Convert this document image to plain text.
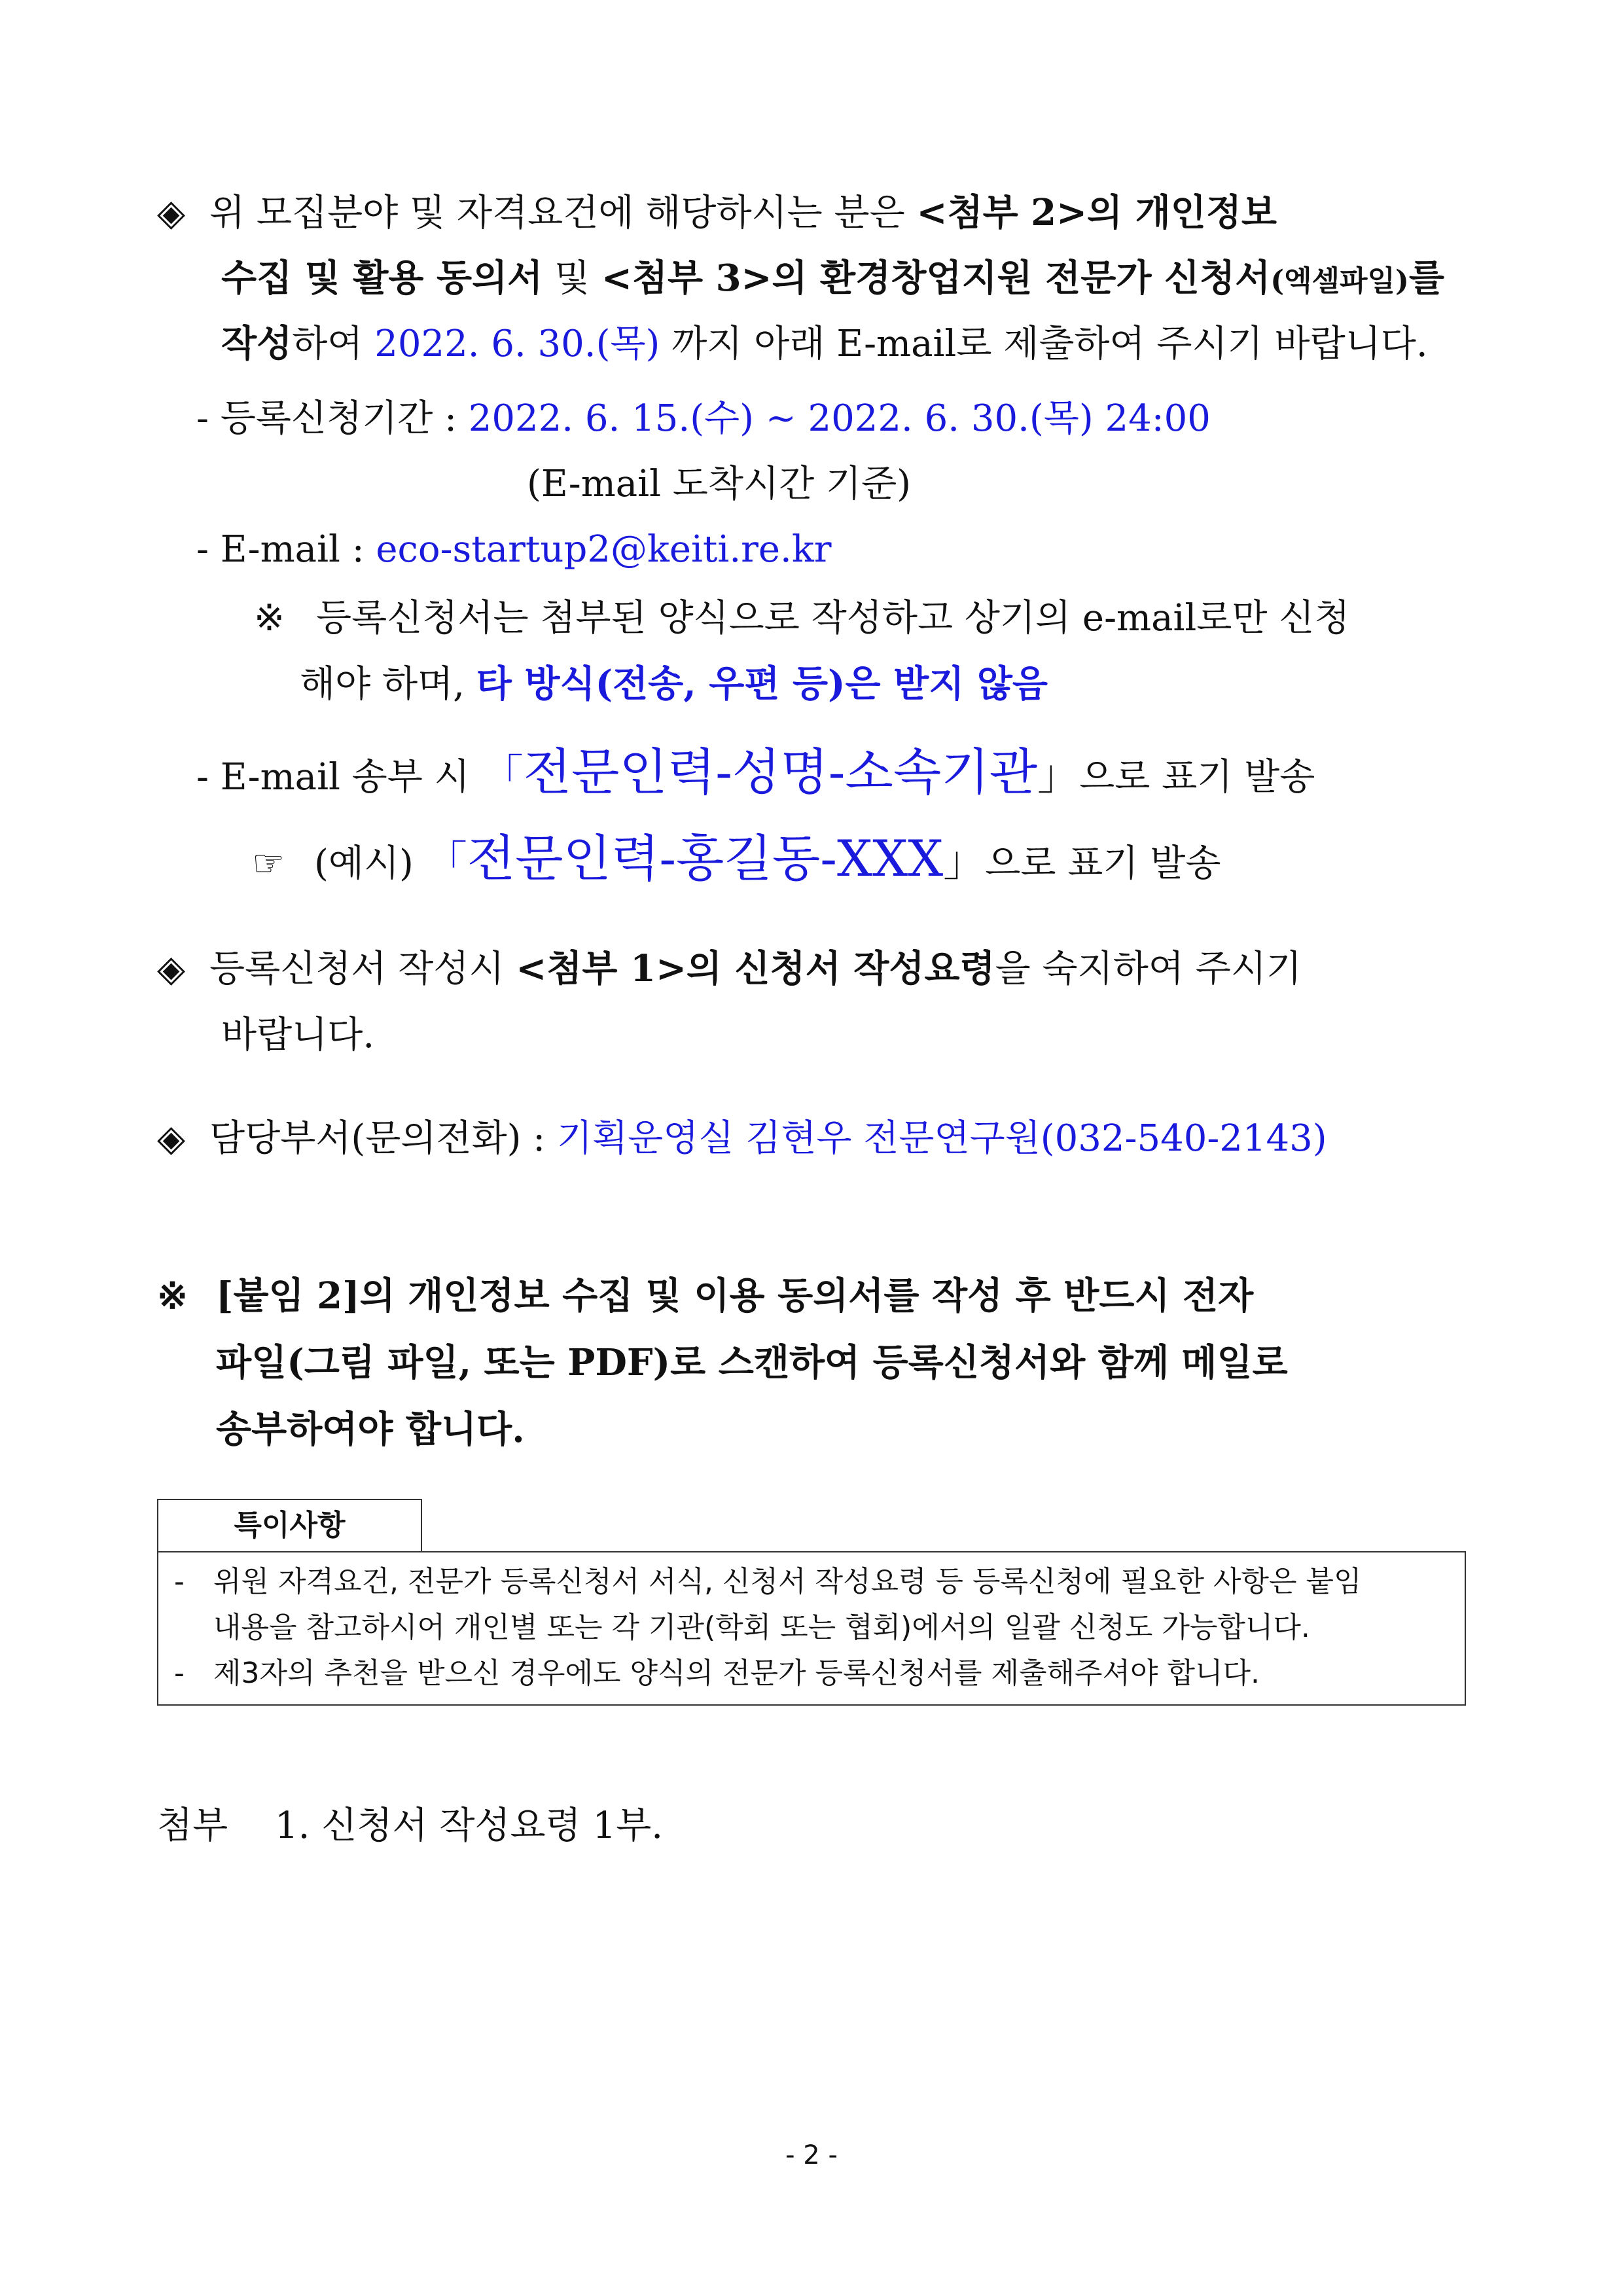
◈ 위 모집분야 및 자격요건에 해당하시는 분은 <첨부 2>의 개인정보
수집 및 활용 동의서 및 <첨부 3>의 환경창업지원 전문가 신청서(엑셀파일)를
작성하여 2022. 6. 30.(목) 까지 아래 E-mail로 제출하여 주시기 바랍니다.
- 등록신청기간 : 2022. 6. 15.(수) ~ 2022. 6. 30.(목) 24:00
(E-mail 도착시간 기준)
- E-mail : eco-startup2@keiti.re.kr
※ 등록신청서는 첨부된 양식으로 작성하고 상기의 e-mail로만 신청
해야 하며, 타 방식(전송, 우편 등)은 받지 않음
- E-mail 송부 시 「전문인력-성명-소속기관」으로 표기 발송
☞ (예시) 「전문인력-홍길동-XXX」으로 표기 발송
◈ 등록신청서 작성시 <첨부 1>의 신청서 작성요령을 숙지하여 주시기
바랍니다.
◈ 담당부서(문의전화) : 기획운영실 김현우 전문연구원(032-540-2143)
※ [붙임 2]의 개인정보 수집 및 이용 동의서를 작성 후 반드시 전자
파일(그림 파일, 또는 PDF)로 스캔하여 등록신청서와 함께 메일로
송부하여야 합니다.
특이사항
- 위원 자격요건, 전문가 등록신청서 서식, 신청서 작성요령 등 등록신청에 필요한 사항은 붙임
내용을 참고하시어 개인별 또는 각 기관(학회 또는 협회)에서의 일괄 신청도 가능합니다.
- 제3자의 추천을 받으신 경우에도 양식의 전문가 등록신청서를 제출해주셔야 합니다.
첨부 1. 신청서 작성요령 1부.
- 2 -
